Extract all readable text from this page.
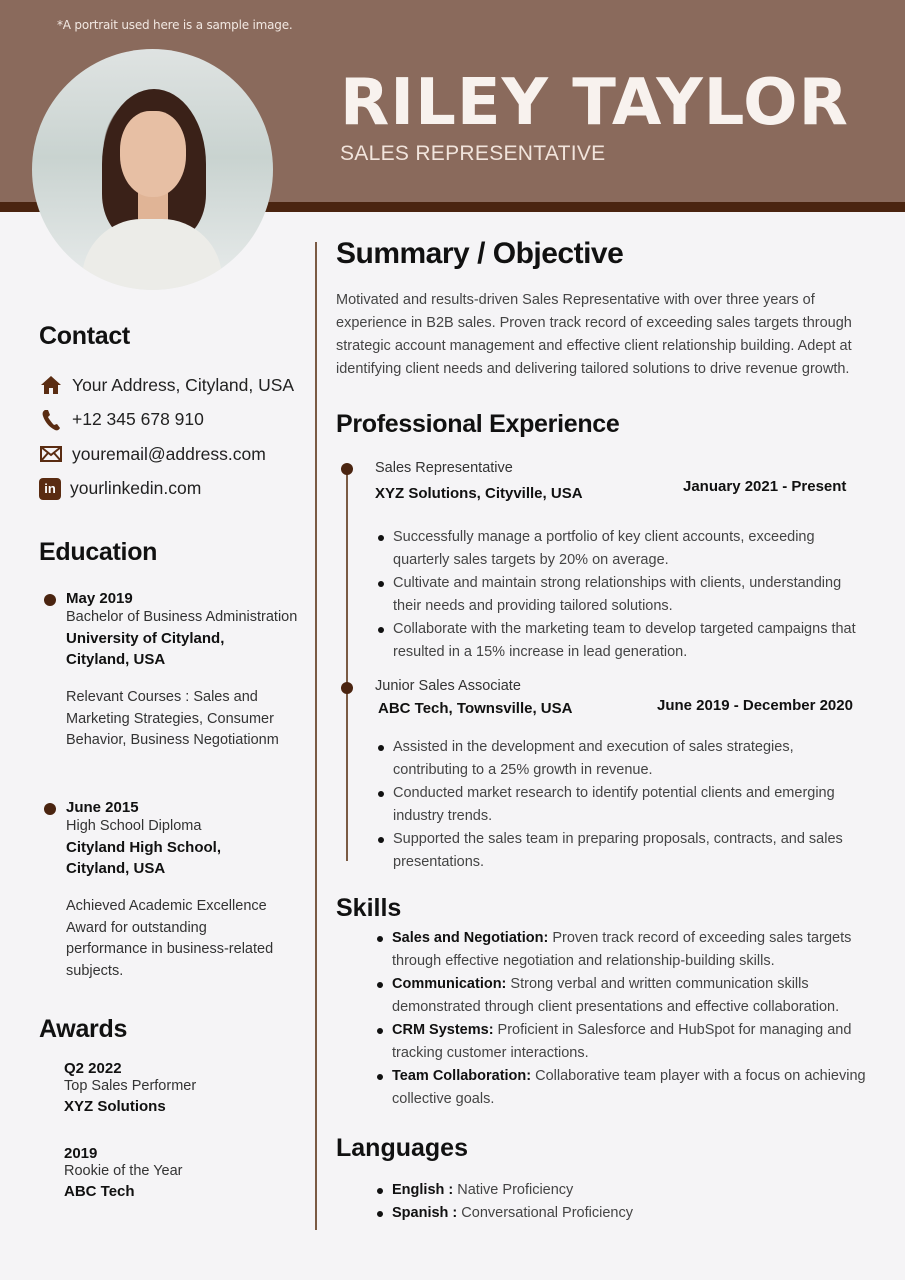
*A portrait used here is a sample image.
RILEY TAYLOR
SALES REPRESENTATIVE
Contact
Your Address, Cityland, USA
+12 345 678 910
youremail@address.com
in yourlinkedin.com
Education
May 2019
Bachelor of Business Administration
University of Cityland, Cityland, USA
Relevant Courses : Sales and Marketing Strategies, Consumer Behavior, Business Negotiationm
June 2015
High School Diploma
Cityland High School, Cityland, USA
Achieved Academic Excellence Award for outstanding performance in business-related subjects.
Awards
Q2 2022
Top Sales Performer
XYZ Solutions
2019
Rookie of the Year
ABC Tech
Summary / Objective
Motivated and results-driven Sales Representative with over three years of experience in B2B sales. Proven track record of exceeding sales targets through strategic account management and effective client relationship building. Adept at identifying client needs and delivering tailored solutions to drive revenue growth.
Professional Experience
Sales Representative
XYZ Solutions, Cityville, USA	January 2021 - Present
Successfully manage a portfolio of key client accounts, exceeding quarterly sales targets by 20% on average.
Cultivate and maintain strong relationships with clients, understanding their needs and providing tailored solutions.
Collaborate with the marketing team to develop targeted campaigns that resulted in a 15% increase in lead generation.
Junior Sales Associate
ABC Tech, Townsville, USA	June 2019 - December 2020
Assisted in the development and execution of sales strategies, contributing to a 25% growth in revenue.
Conducted market research to identify potential clients and emerging industry trends.
Supported the sales team in preparing proposals, contracts, and sales presentations.
Skills
Sales and Negotiation: Proven track record of exceeding sales targets through effective negotiation and relationship-building skills.
Communication: Strong verbal and written communication skills demonstrated through client presentations and effective collaboration.
CRM Systems: Proficient in Salesforce and HubSpot for managing and tracking customer interactions.
Team Collaboration: Collaborative team player with a focus on achieving collective goals.
Languages
English : Native Proficiency
Spanish : Conversational Proficiency
